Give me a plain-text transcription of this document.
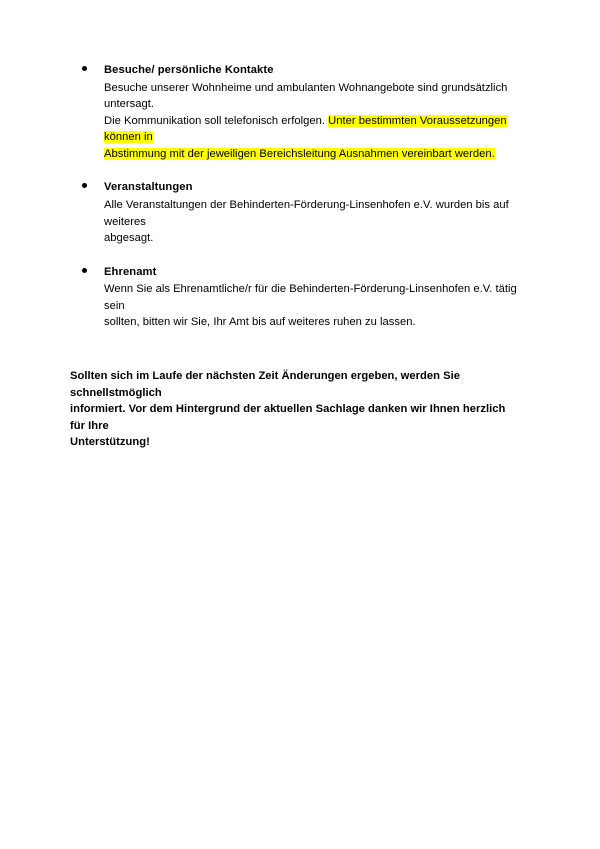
Besuche/ persönliche Kontakte

Besuche unserer Wohnheime und ambulanten Wohnangebote sind grundsätzlich untersagt.

Die Kommunikation soll telefonisch erfolgen. Unter bestimmten Voraussetzungen können in

Abstimmung mit der jeweiligen Bereichsleitung Ausnahmen vereinbart werden.

Veranstaltungen

Alle Veranstaltungen der Behinderten-Förderung-Linsenhofen e.V. wurden bis auf weiteres

abgesagt.

Ehrenamt

Wenn Sie als Ehrenamtliche/r für die Behinderten-Förderung-Linsenhofen e.V. tätig sein

sollten, bitten wir Sie, Ihr Amt bis auf weiteres ruhen zu lassen.

Sollten sich im Laufe der nächsten Zeit Änderungen ergeben, werden Sie schnellstmöglich
informiert. Vor dem Hintergrund der aktuellen Sachlage danken wir Ihnen herzlich für Ihre
Unterstützung!
